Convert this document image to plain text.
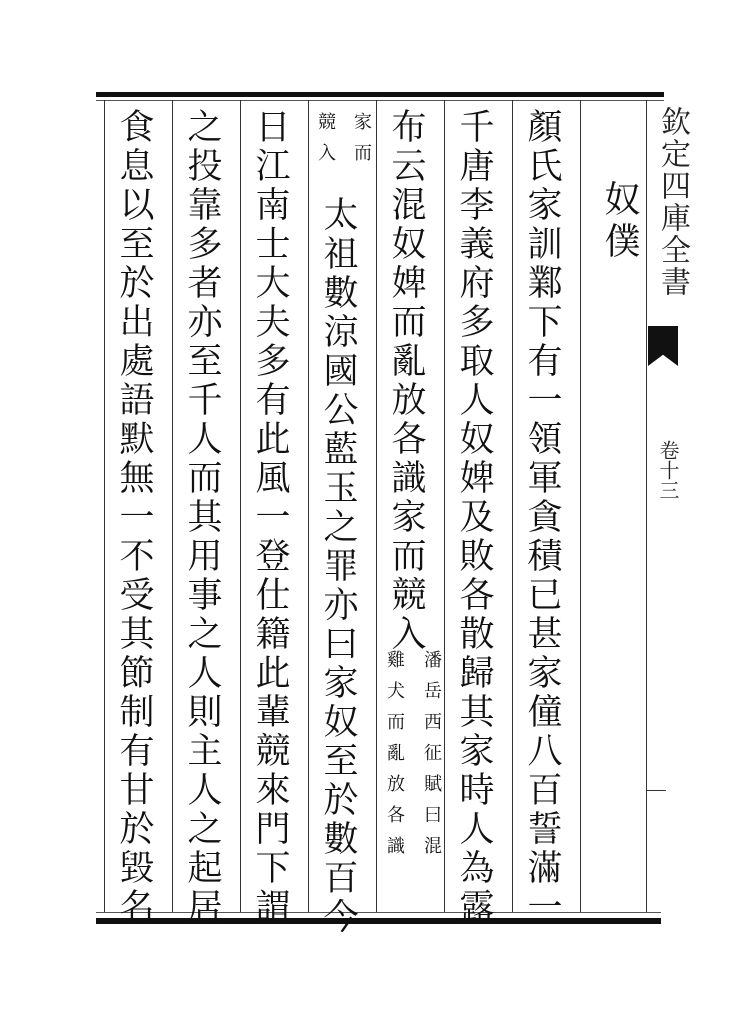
欽定四庫全書
卷十三
奴僕
顏氏家訓鄴下有一領軍貪積已甚家僮八百誓滿一
千唐李義府多取人奴婢及敗各散歸其家時人為露
布云混奴婢而亂放各識家而競入
潘岳西征賦曰混
雞犬而亂放各識
家而
競入
太祖數涼國公藍玉之罪亦曰家奴至於數百今
日江南士大夫多有此風一登仕籍此輩競來門下謂
之投靠多者亦至千人而其用事之人則主人之起居
食息以至於出處語默無一不受其節制有甘於毀名
